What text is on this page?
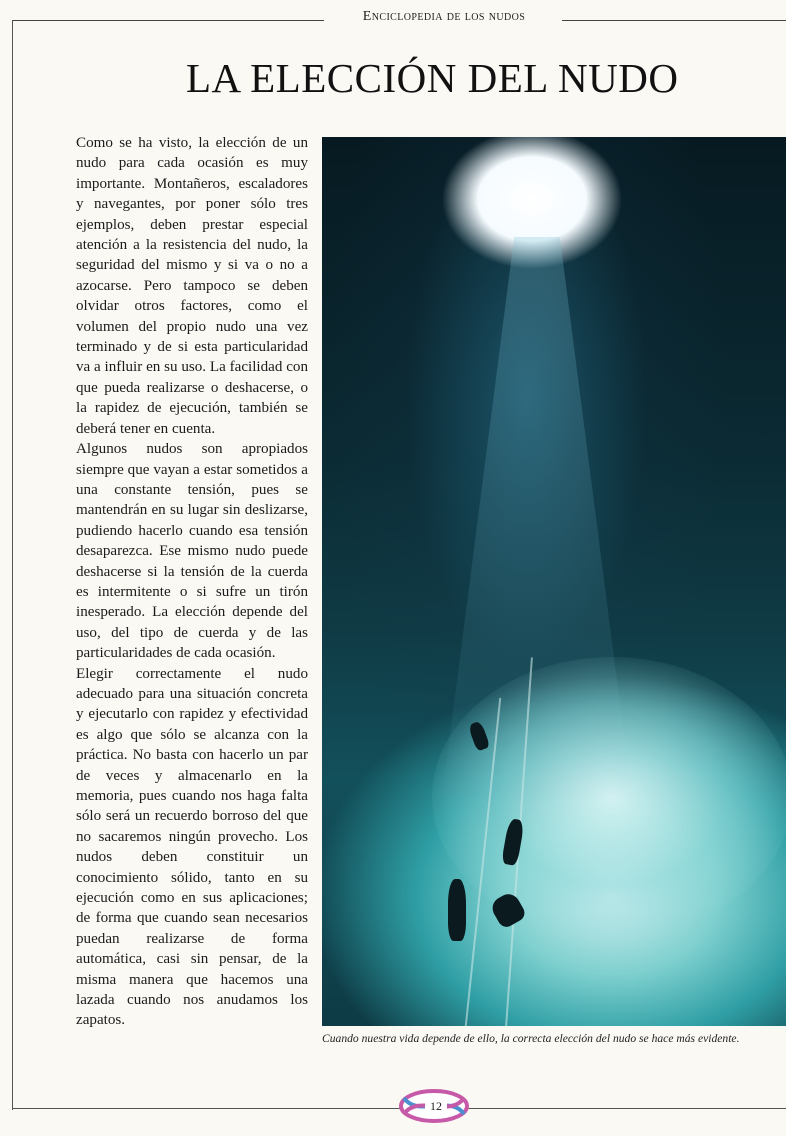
Enciclopedia de los nudos
LA ELECCIÓN DEL NUDO

Como se ha visto, la elección de un nudo para cada ocasión es muy importante. Montañeros, escaladores y navegantes, por poner sólo tres ejemplos, deben prestar especial atención a la resistencia del nudo, la seguridad del mismo y si va o no a azocarse. Pero tampoco se deben olvidar otros factores, como el volumen del propio nudo una vez terminado y de si esta particularidad va a influir en su uso. La facilidad con que pueda realizarse o deshacerse, o la rapidez de ejecución, también se deberá tener en cuenta.

Algunos nudos son apropiados siempre que vayan a estar sometidos a una constante tensión, pues se mantendrán en su lugar sin deslizarse, pudiendo hacerlo cuando esa tensión desaparezca. Ese mismo nudo puede deshacerse si la tensión de la cuerda es intermitente o si sufre un tirón inesperado. La elección depende del uso, del tipo de cuerda y de las particularidades de cada ocasión.

Elegir correctamente el nudo adecuado para una situación concreta y ejecutarlo con rapidez y efectividad es algo que sólo se alcanza con la práctica. No basta con hacerlo un par de veces y almacenarlo en la memoria, pues cuando nos haga falta sólo será un recuerdo borroso del que no sacaremos ningún provecho. Los nudos deben constituir un conocimiento sólido, tanto en su ejecución como en sus aplicaciones; de forma que cuando sean necesarios puedan realizarse de forma automática, casi sin pensar, de la misma manera que hacemos una lazada cuando nos anudamos los zapatos.

Cuando nuestra vida depende de ello, la correcta elección del nudo se hace más evidente.
12
